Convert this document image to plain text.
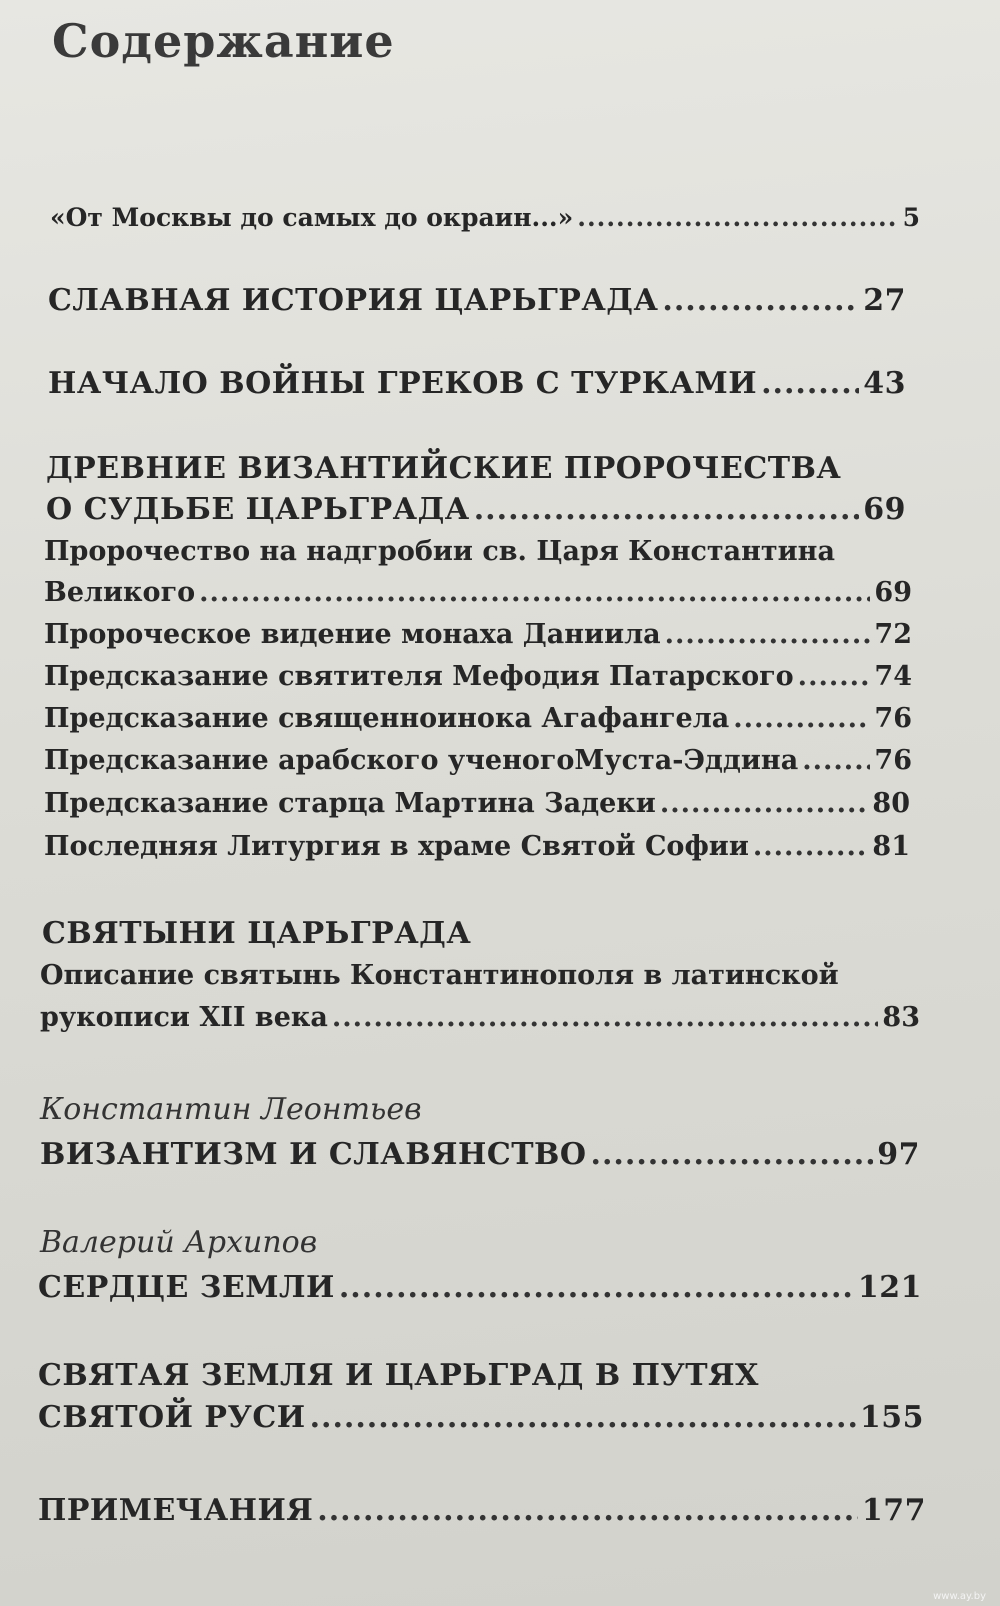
Содержание
«От Москвы до самых до окраин...» .....	5
СЛАВНАЯ ИСТОРИЯ ЦАРЬГРАДА .....	27
НАЧАЛО ВОЙНЫ ГРЕКОВ С ТУРКАМИ .....	43
ДРЕВНИЕ ВИЗАНТИЙСКИЕ ПРОРОЧЕСТВА
О СУДЬБЕ ЦАРЬГРАДА .....	69
Пророчество на надгробии св. Царя Константина
Великого .....	69
Пророческое видение монаха Даниила .....	72
Предсказание святителя Мефодия Патарского .....	74
Предсказание священноинока Агафангела .....	76
Предсказание арабского ученогоМуста-Эддина .....	76
Предсказание старца Мартина Задеки .....	80
Последняя Литургия в храме Святой Софии .....	81
СВЯТЫНИ ЦАРЬГРАДА
Описание святынь Константинополя в латинской
рукописи XII века .....	83
Константин Леонтьев
ВИЗАНТИЗМ И СЛАВЯНСТВО .....	97
Валерий Архипов
СЕРДЦЕ ЗЕМЛИ .....	121
СВЯТАЯ ЗЕМЛЯ И ЦАРЬГРАД В ПУТЯХ
СВЯТОЙ РУСИ .....	155
ПРИМЕЧАНИЯ .....	177
www.ay.by
